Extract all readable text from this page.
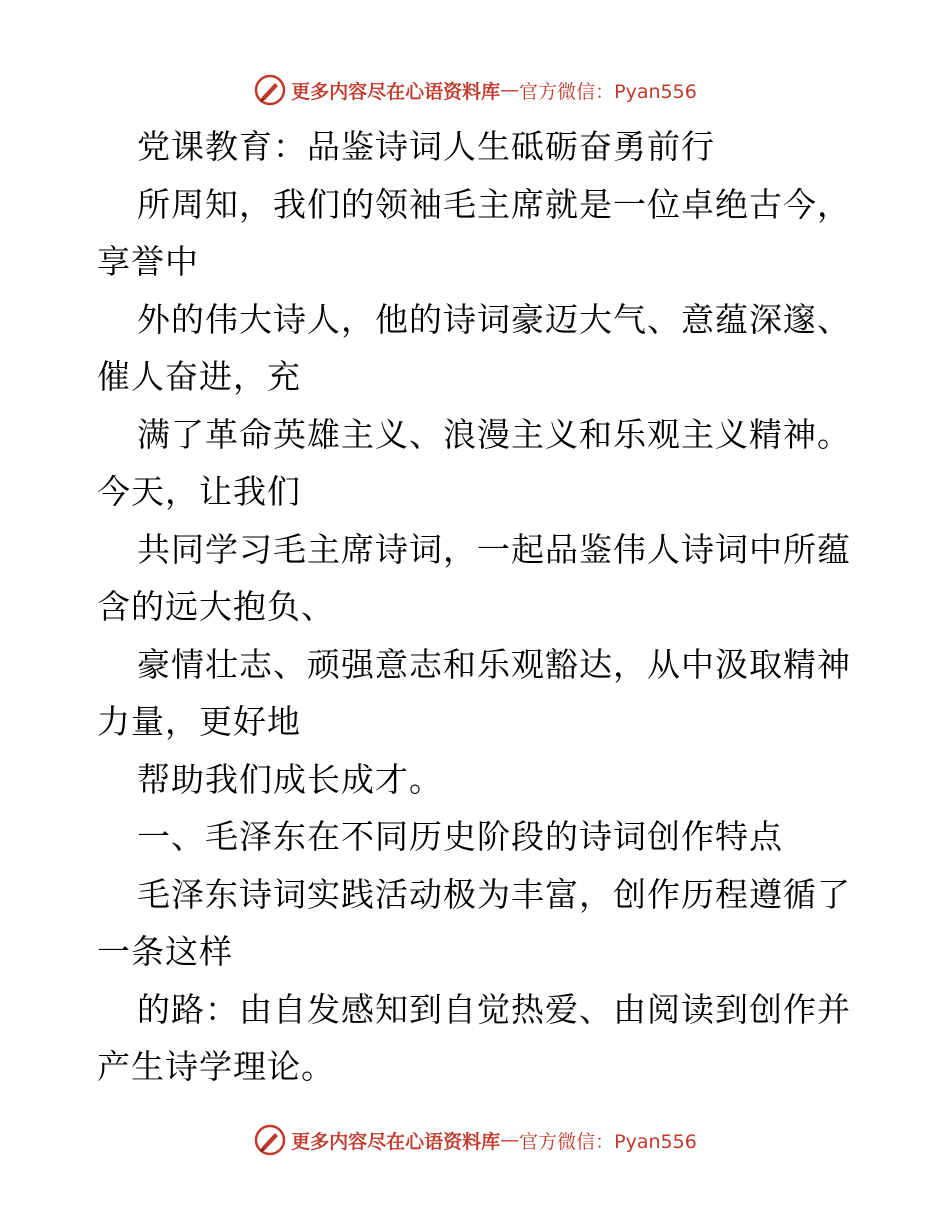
更多内容尽在心语资料库 — 官方微信：Pyan556
党课教育：品鉴诗词人生砥砺奋勇前行
所周知，我们的领袖毛主席就是一位卓绝古今，
享誉中
外的伟大诗人，他的诗词豪迈大气、意蕴深邃、
催人奋进，充
满了革命英雄主义、浪漫主义和乐观主义精神。
今天，让我们
共同学习毛主席诗词，一起品鉴伟人诗词中所蕴
含的远大抱负、
豪情壮志、顽强意志和乐观豁达，从中汲取精神
力量，更好地
帮助我们成长成才。
一、毛泽东在不同历史阶段的诗词创作特点
毛泽东诗词实践活动极为丰富，创作历程遵循了
一条这样
的路：由自发感知到自觉热爱、由阅读到创作并
产生诗学理论。
更多内容尽在心语资料库 — 官方微信：Pyan556
